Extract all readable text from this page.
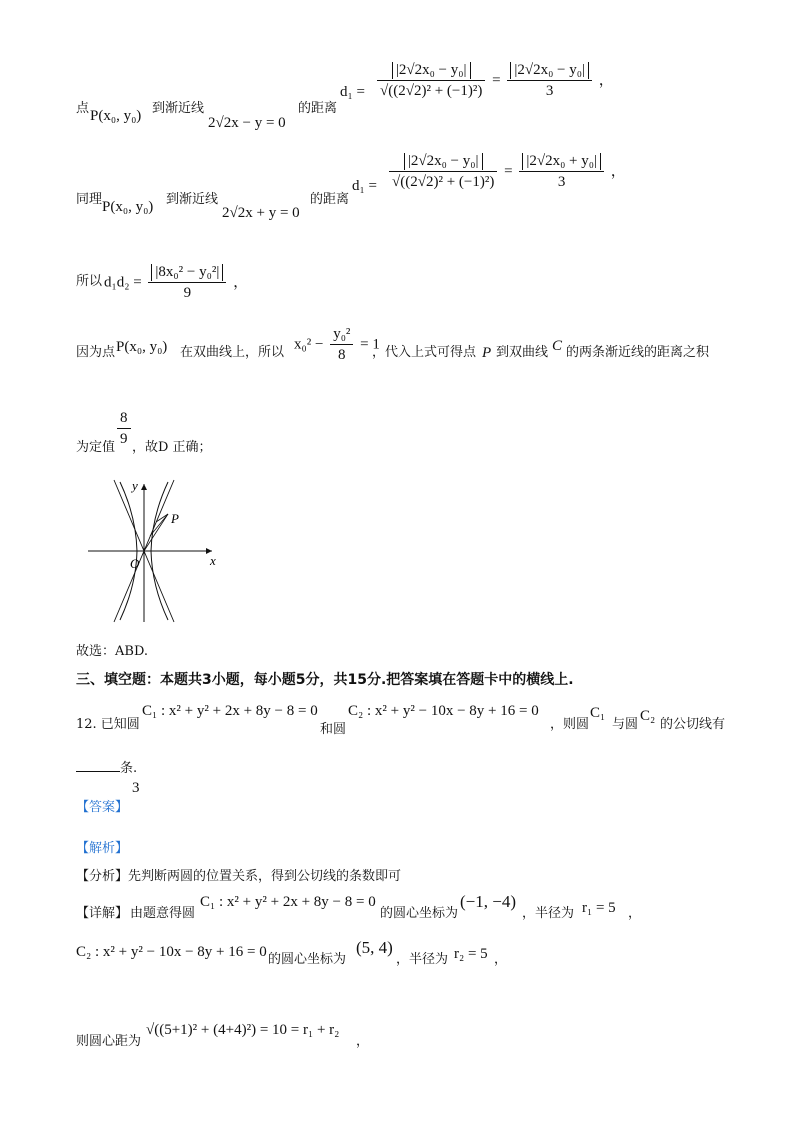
点 P(x₀, y₀) 到渐近线
2√2x − y = 0
的距离
$d_1 = \frac{\text{|2√2x₀ − y₀|}}{\text{√((2√2)² + (−1)²)}} = \frac{\text{|2√2x₀ − y₀|}}{3}$ ，
同理 P(x₀, y₀) 到渐近线
2√2x + y = 0
的距离
$d_1 = \frac{\text{|2√2x₀ − y₀|}}{\text{√((2√2)² + (−1)²)}} = \frac{\text{|2√2x₀ + y₀|}}{3}$ ，
所以 $d_1d_2 = \frac{\text{|8x₀² − y₀²|}}{9}$ ，
因为点 P(x₀, y₀) 在双曲线上，所以
$x_0^2 - \frac{\text{y₀²}}{8} = 1$
，代入上式可得点 P 到双曲线 C 的两条渐近线的距离之积
$\frac{8}{9}$
为定值 ，故D 正确；
x
y
O
P
故选：ABD.
三、填空题：本题共3小题，每小题5分，共15分.把答案填在答题卡中的横线上.
12. 已知圆
C₁ : x² + y² + 2x + 8y − 8 = 0
和圆
C₂ : x² + y² − 10x − 8y + 16 = 0
，则圆
C₁
与圆
C₂
的公切线有
条.
【答案】
3
【解析】
【分析】先判断两圆的位置关系，得到公切线的条数即可
【详解】 由题意得圆
C₁ : x² + y² + 2x + 8y − 8 = 0
的圆心坐标为
(−1, −4)
，半径为 r₁ = 5 ，
C₂ : x² + y² − 10x − 8y + 16 = 0 的圆心坐标为
(5, 4)
，半径为 r₂ = 5 ，
则圆心距为
√((5+1)² + (4+4)²) = 10 = r₁ + r₂
，
